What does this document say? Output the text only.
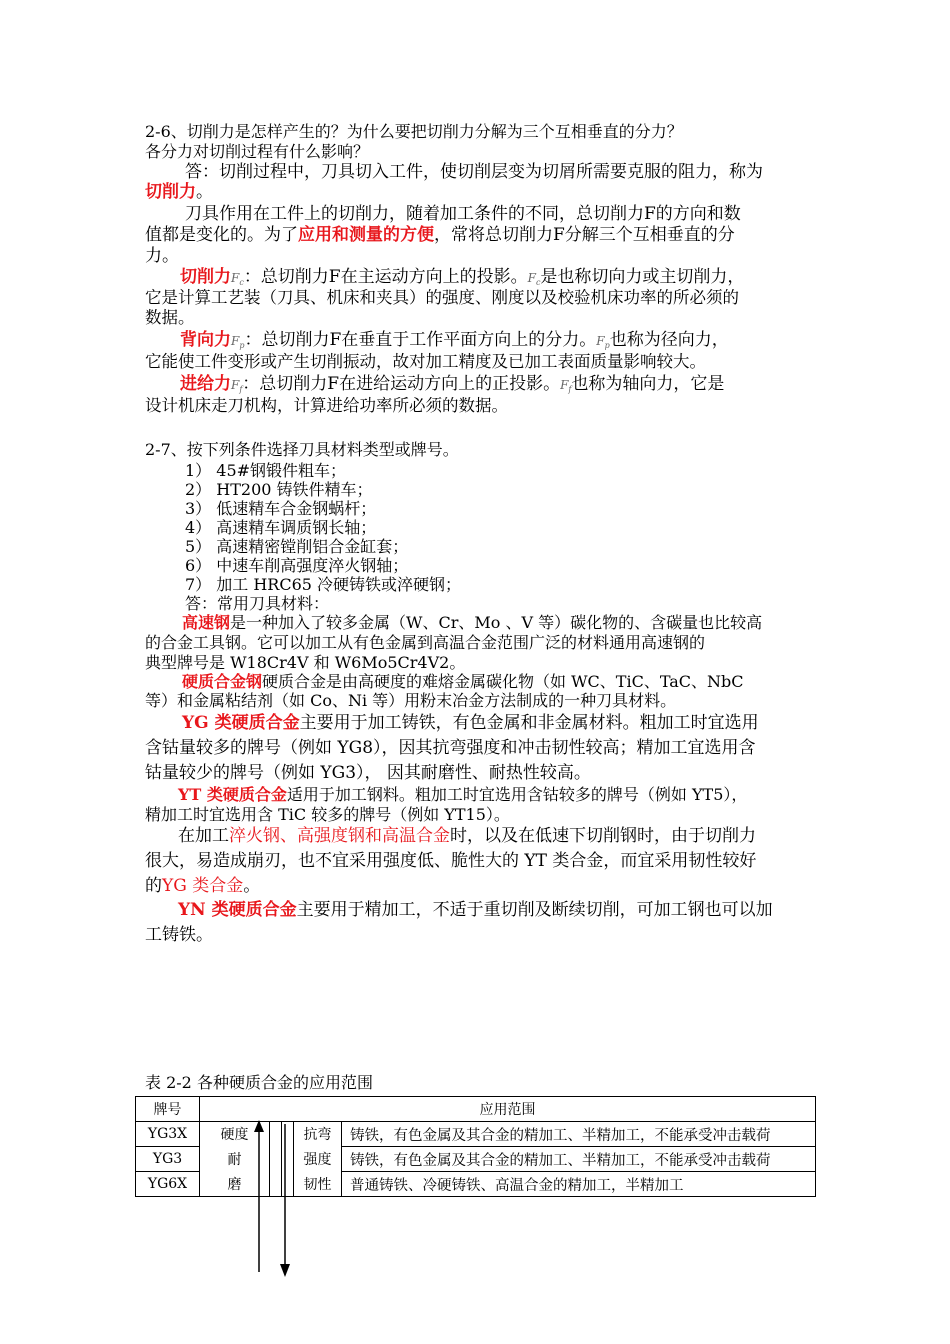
2-6、切削力是怎样产生的？为什么要把切削力分解为三个互相垂直的分力？
各分力对切削过程有什么影响？
答：切削过程中，刀具切入工件，使切削层变为切屑所需要克服的阻力，称为
切削力。
刀具作用在工件上的切削力，随着加工条件的不同，总切削力F的方向和数
值都是变化的。为了应用和测量的方便，常将总切削力F分解三个互相垂直的分
力。
切削力$F_c$：总切削力F在主运动方向上的投影。$F_c$是也称切向力或主切削力，
它是计算工艺装（刀具、机床和夹具）的强度、刚度以及校验机床功率的所必须的
数据。
背向力$F_p$：总切削力F在垂直于工作平面方向上的分力。$F_p$也称为径向力，
它能使工件变形或产生切削振动，故对加工精度及已加工表面质量影响较大。
进给力$F_f$：总切削力F在进给运动方向上的正投影。$F_f$也称为轴向力，它是
设计机床走刀机构，计算进给功率所必须的数据。
2-7、按下列条件选择刀具材料类型或牌号。
1） 45#钢锻件粗车；
2） HT200 铸铁件精车；
3） 低速精车合金钢蜗杆；
4） 高速精车调质钢长轴；
5） 高速精密镗削铝合金缸套；
6） 中速车削高强度淬火钢轴；
7） 加工 HRC65 冷硬铸铁或淬硬钢；
答：常用刀具材料：
高速钢是一种加入了较多金属（W、Cr、Mo 、V 等）碳化物的、含碳量也比较高
的合金工具钢。它可以加工从有色金属到高温合金范围广泛的材料通用高速钢的
典型牌号是 W18Cr4V 和 W6Mo5Cr4V2。
硬质合金钢硬质合金是由高硬度的难熔金属碳化物（如 WC、TiC、TaC、NbC
等）和金属粘结剂（如 Co、Ni 等）用粉末冶金方法制成的一种刀具材料。
YG 类硬质合金主要用于加工铸铁，有色金属和非金属材料。粗加工时宜选用
含钴量较多的牌号（例如 YG8），因其抗弯强度和冲击韧性较高；精加工宜选用含
钴量较少的牌号（例如 YG3）， 因其耐磨性、耐热性较高。
YT 类硬质合金适用于加工钢料。粗加工时宜选用含钴较多的牌号（例如 YT5），
精加工时宜选用含 TiC 较多的牌号（例如 YT15）。
在加工淬火钢、高强度钢和高温合金时，以及在低速下切削钢时，由于切削力
很大，易造成崩刃，也不宜采用强度低、脆性大的 YT 类合金，而宜采用韧性较好
的YG 类合金。
YN 类硬质合金主要用于精加工，不适于重切削及断续切削，可加工钢也可以加
工铸铁。
表 2-2 各种硬质合金的应用范围
牌号	应用范围				
YG3X	硬度			抗弯	铸铁，有色金属及其合金的精加工、半精加工，不能承受冲击载荷
YG3	耐			强度	铸铁，有色金属及其合金的精加工、半精加工，不能承受冲击载荷
YG6X	磨			韧性	普通铸铁、冷硬铸铁、高温合金的精加工，半精加工
